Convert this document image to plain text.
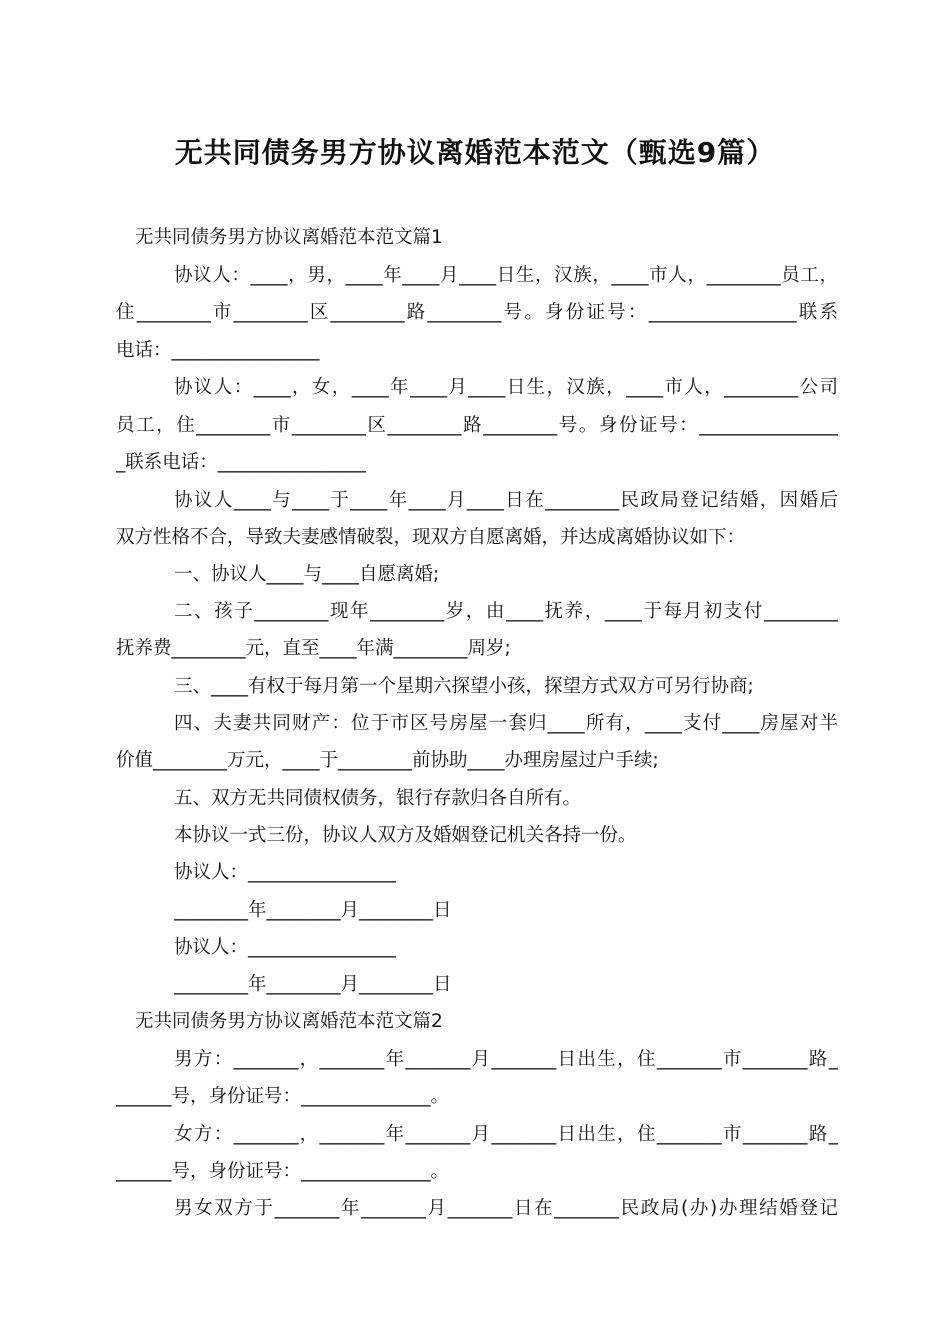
无共同债务男方协议离婚范本范文（甄选9篇）
无共同债务男方协议离婚范本范文篇1
协议人：____，男，____年____月____日生，汉族，____市人，________员工，
住________市________区________路________号。身份证号：________________联系
电话：________________
协议人：____，女，____年____月____日生，汉族，____市人，________公司
员工，住________市________区________路________号。身份证号：_______________
_联系电话：________________
协议人____与____于____年____月____日在________民政局登记结婚，因婚后
双方性格不合，导致夫妻感情破裂，现双方自愿离婚，并达成离婚协议如下：
一、协议人____与____自愿离婚;
二、孩子________现年________岁，由____抚养，____于每月初支付________
抚养费________元，直至____年满________周岁;
三、____有权于每月第一个星期六探望小孩，探望方式双方可另行协商;
四、夫妻共同财产：位于市区号房屋一套归____所有，____支付____房屋对半
价值________万元，____于________前协助____办理房屋过户手续;
五、双方无共同债权债务，银行存款归各自所有。
本协议一式三份，协议人双方及婚姻登记机关各持一份。
协议人：________________
________年________月________日
协议人：________________
________年________月________日
无共同债务男方协议离婚范本范文篇2
男方：_______，_______年_______月_______日出生，住_______市_______路_
______号，身份证号：______________。
女方：_______，_______年_______月_______日出生，住_______市_______路_
______号，身份证号：______________。
男女双方于_______年_______月_______日在_______民政局(办)办理结婚登记
